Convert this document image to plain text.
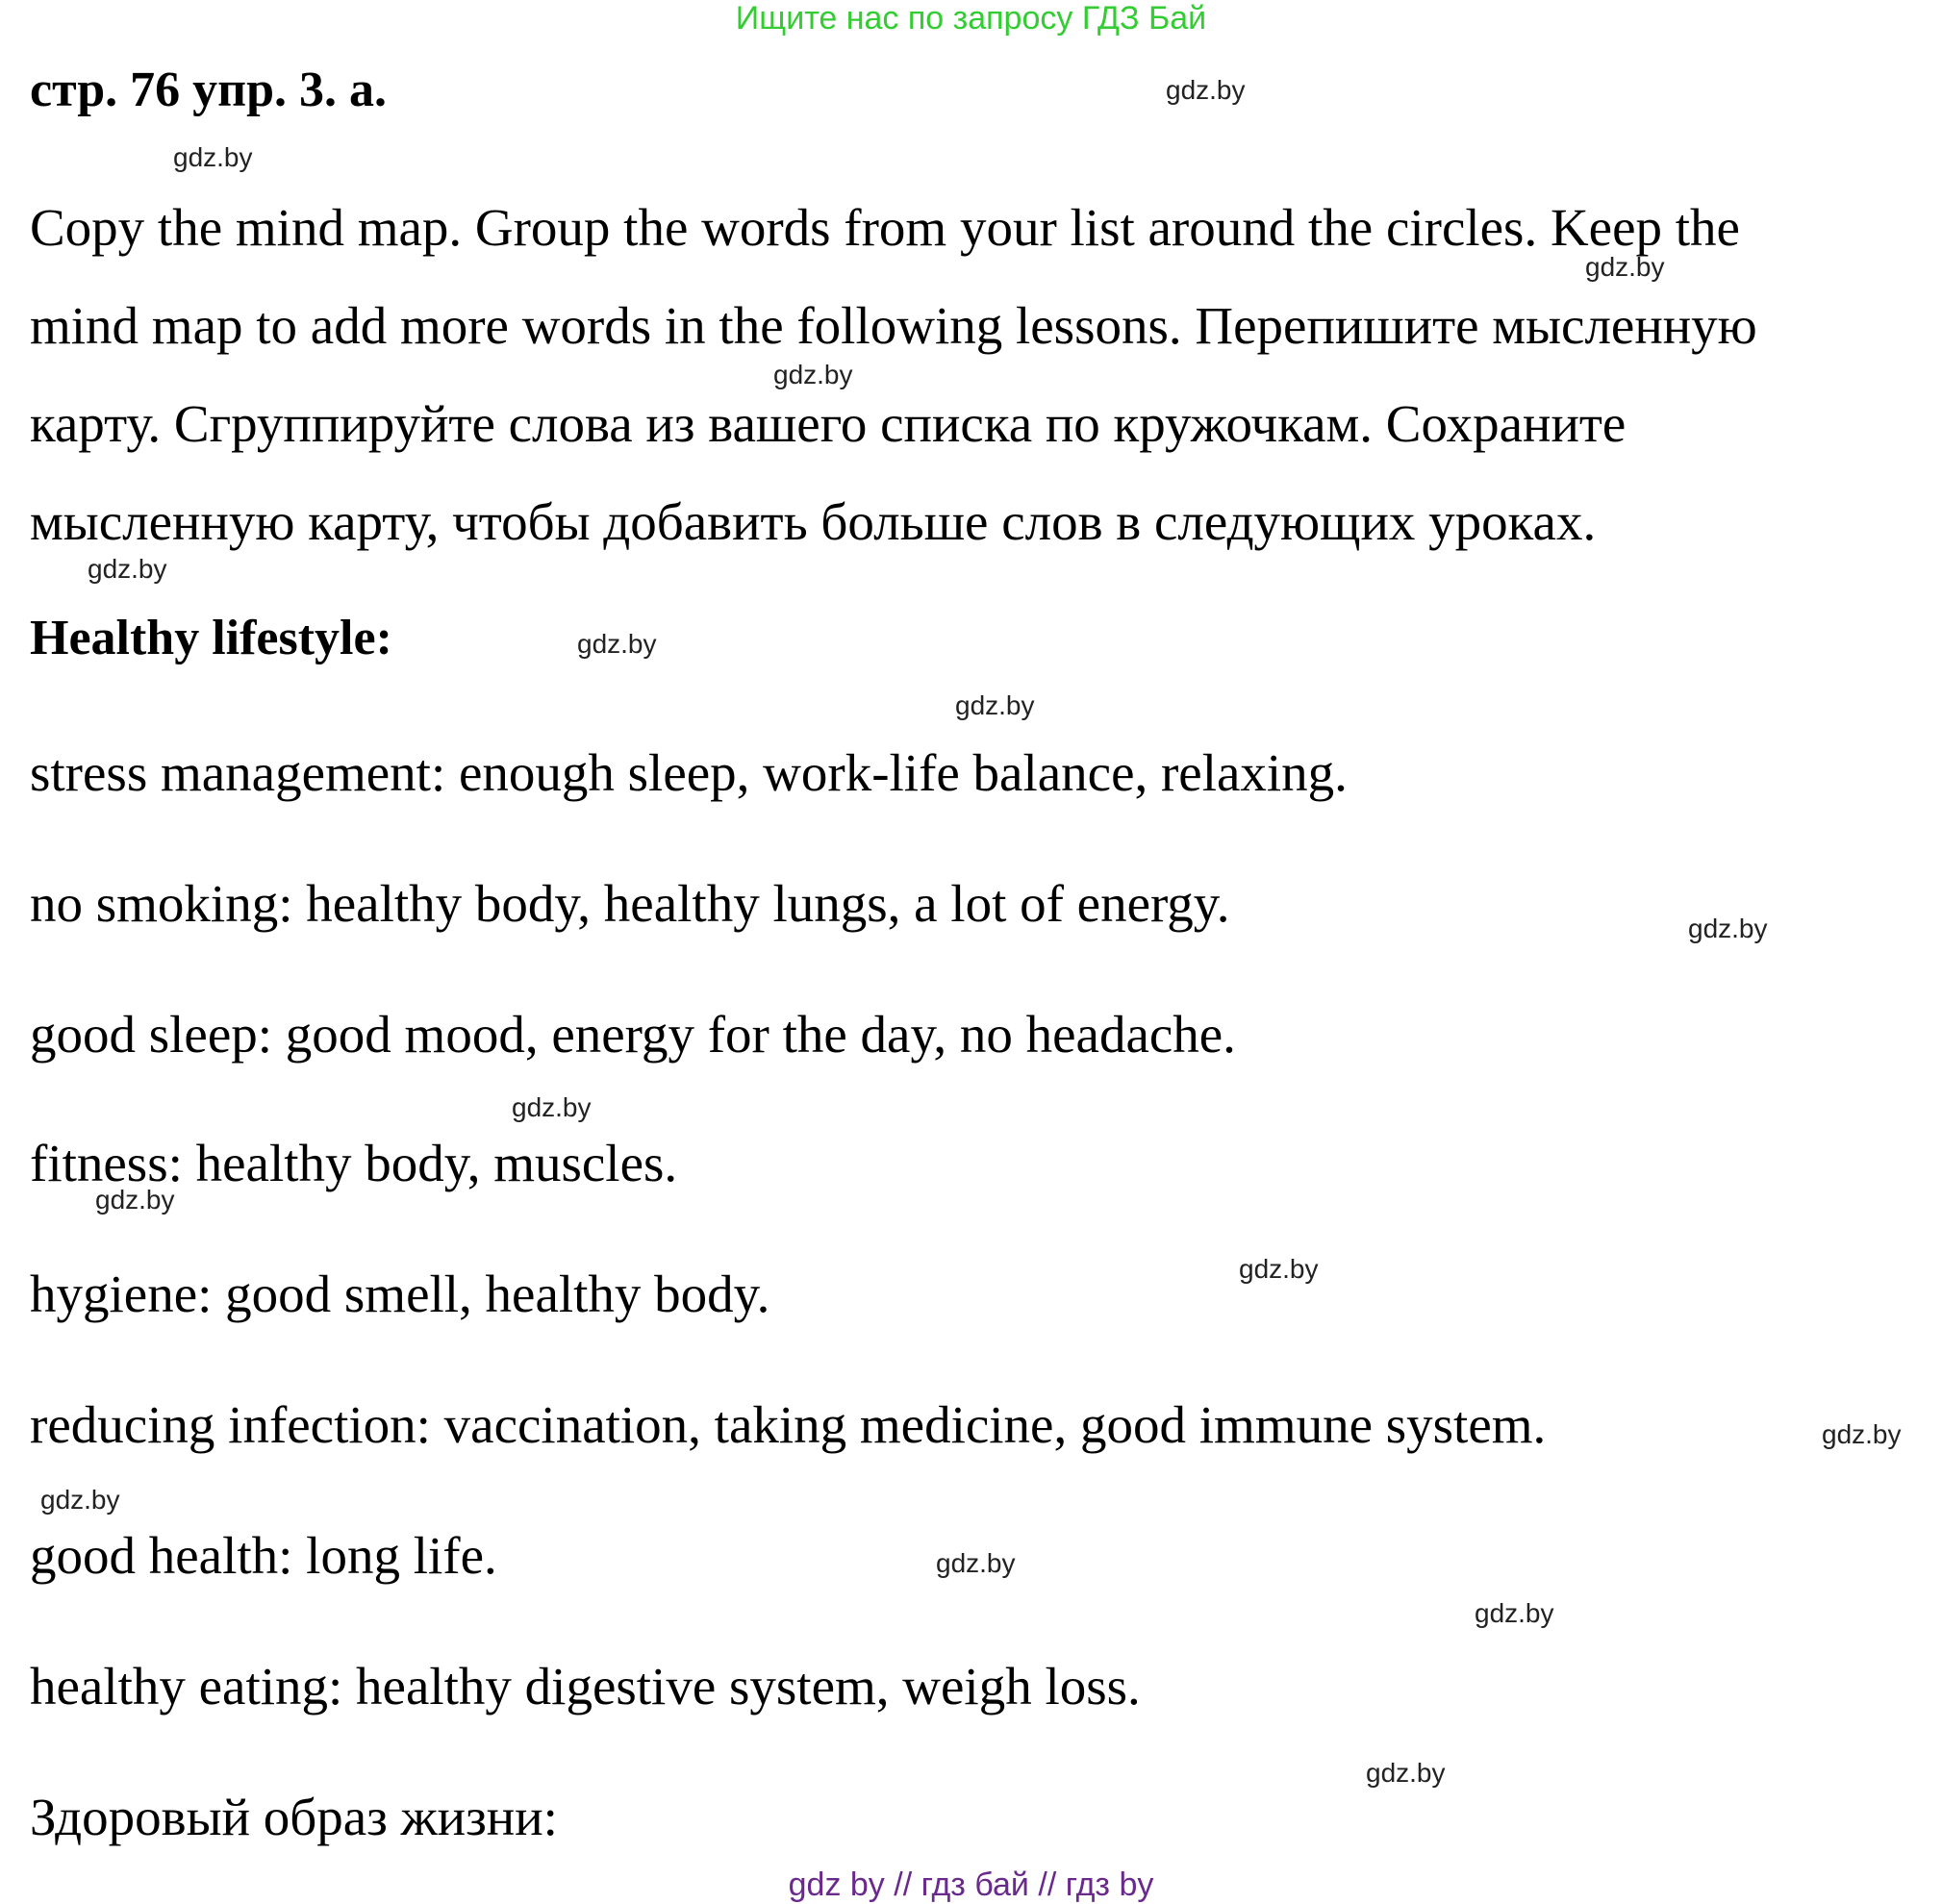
Ищите нас по запросу ГДЗ Бай
стр. 76 упр. 3. а.
Copy the mind map. Group the words from your list around the circles. Keep the
mind map to add more words in the following lessons. Перепишите мысленную
карту. Сгруппируйте слова из вашего списка по кружочкам. Сохраните
мысленную карту, чтобы добавить больше слов в следующих уроках.
Healthy lifestyle:
stress management: enough sleep, work-life balance, relaxing.
no smoking: healthy body, healthy lungs, a lot of energy.
good sleep: good mood, energy for the day, no headache.
fitness: healthy body, muscles.
hygiene: good smell, healthy body.
reducing infection: vaccination, taking medicine, good immune system.
good health: long life.
healthy eating: healthy digestive system, weigh loss.
Здоровый образ жизни:
gdz.by
gdz.by
gdz.by
gdz.by
gdz.by
gdz.by
gdz.by
gdz.by
gdz.by
gdz.by
gdz.by
gdz.by
gdz.by
gdz.by
gdz.by
gdz.by
gdz by // гдз бай // гдз by
